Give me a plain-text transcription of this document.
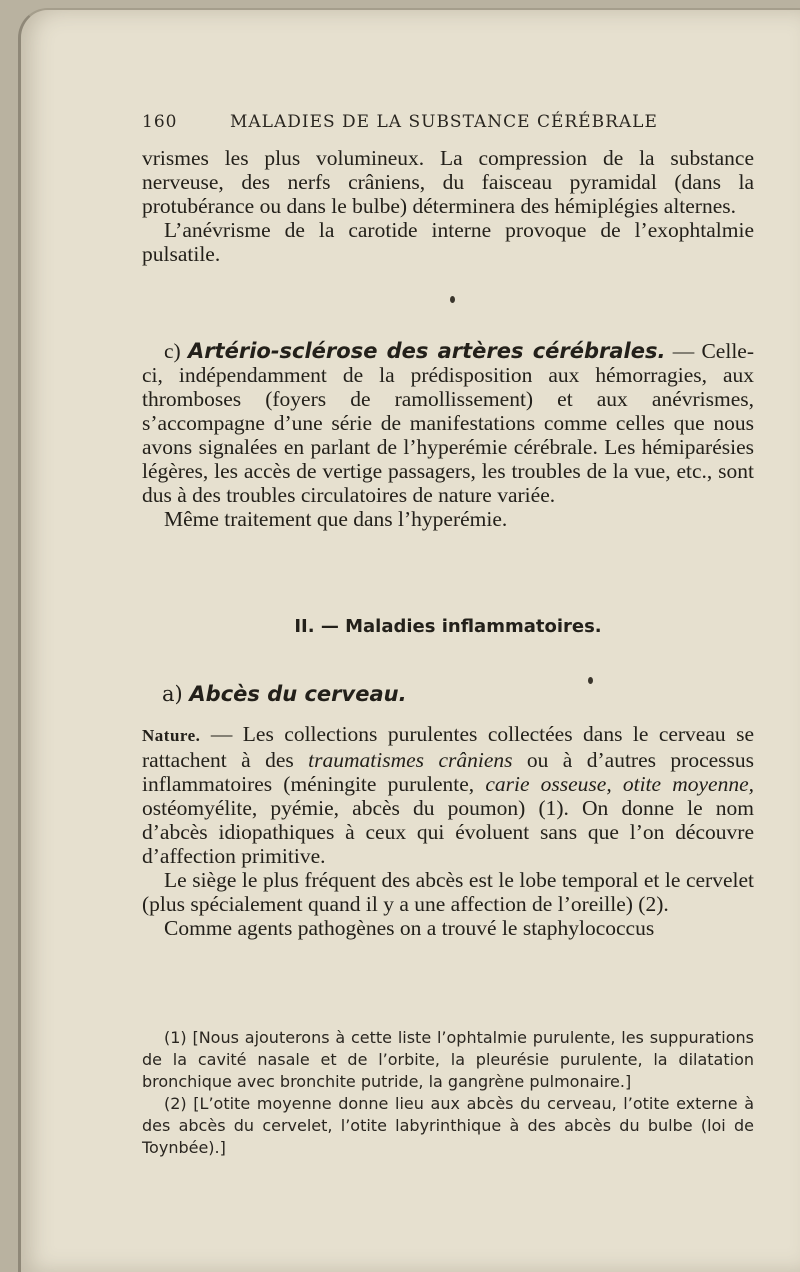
160	MALADIES DE LA SUBSTANCE CÉRÉBRALE

vrismes les plus volumineux. La compression de la substance nerveuse, des nerfs crâniens, du faisceau pyramidal (dans la protubérance ou dans le bulbe) déterminera des hémiplégies alternes.

L’anévrisme de la carotide interne provoque de l’exophtalmie pulsatile.

c) Artério-sclérose des artères cérébrales. — Celle-ci, indépendamment de la prédisposition aux hémorragies, aux thromboses (foyers de ramollissement) et aux anévrismes, s’accompagne d’une série de manifestations comme celles que nous avons signalées en parlant de l’hyperémie cérébrale. Les hémiparésies légères, les accès de vertige passagers, les troubles de la vue, etc., sont dus à des troubles circulatoires de nature variée.

Même traitement que dans l’hyperémie.

II. — Maladies inflammatoires.
a) Abcès du cerveau.

Nature. — Les collections purulentes collectées dans le cerveau se rattachent à des traumatismes crâniens ou à d’autres processus inflammatoires (méningite purulente, carie osseuse, otite moyenne, ostéomyélite, pyémie, abcès du poumon) (1). On donne le nom d’abcès idiopathiques à ceux qui évoluent sans que l’on découvre d’affection primitive.

Le siège le plus fréquent des abcès est le lobe temporal et le cervelet (plus spécialement quand il y a une affection de l’oreille) (2).

Comme agents pathogènes on a trouvé le staphylococcus

(1) [Nous ajouterons à cette liste l’ophtalmie purulente, les suppurations de la cavité nasale et de l’orbite, la pleurésie purulente, la dilatation bronchique avec bronchite putride, la gangrène pulmonaire.]

(2) [L’otite moyenne donne lieu aux abcès du cerveau, l’otite externe à des abcès du cervelet, l’otite labyrinthique à des abcès du bulbe (loi de Toynbée).]
